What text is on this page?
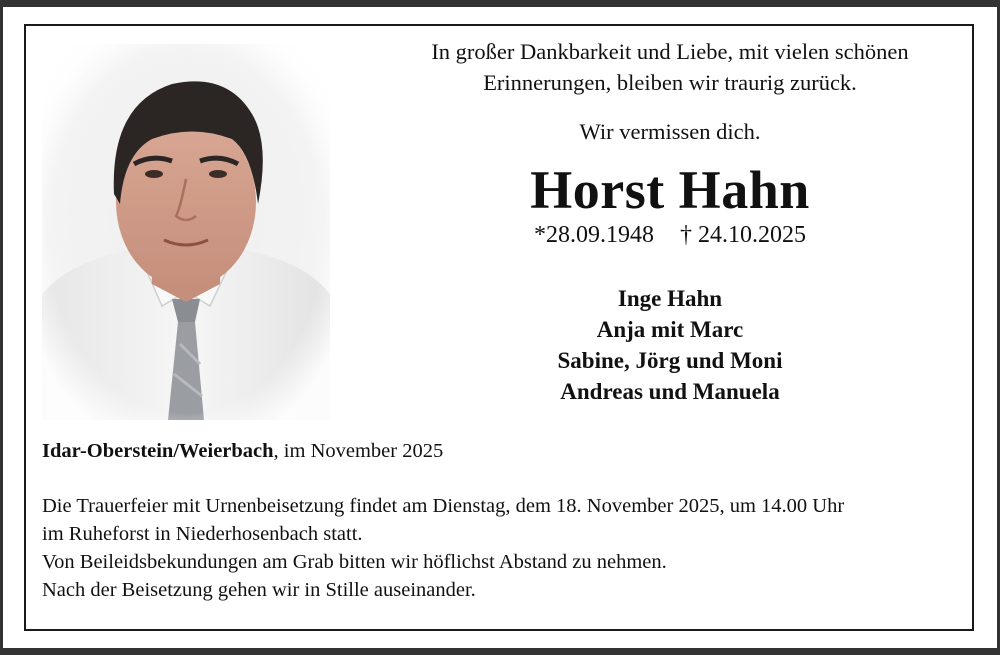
In großer Dankbarkeit und Liebe, mit vielen schönen
Erinnerungen, bleiben wir traurig zurück.
Wir vermissen dich.
Horst Hahn
*28.09.1948 † 24.10.2025
Inge Hahn
Anja mit Marc
Sabine, Jörg und Moni
Andreas und Manuela
Idar-Oberstein/Weierbach, im November 2025
Die Trauerfeier mit Urnenbeisetzung findet am Dienstag, dem 18. November 2025, um 14.00 Uhr
im Ruheforst in Niederhosenbach statt.
Von Beileidsbekundungen am Grab bitten wir höflichst Abstand zu nehmen.
Nach der Beisetzung gehen wir in Stille auseinander.
